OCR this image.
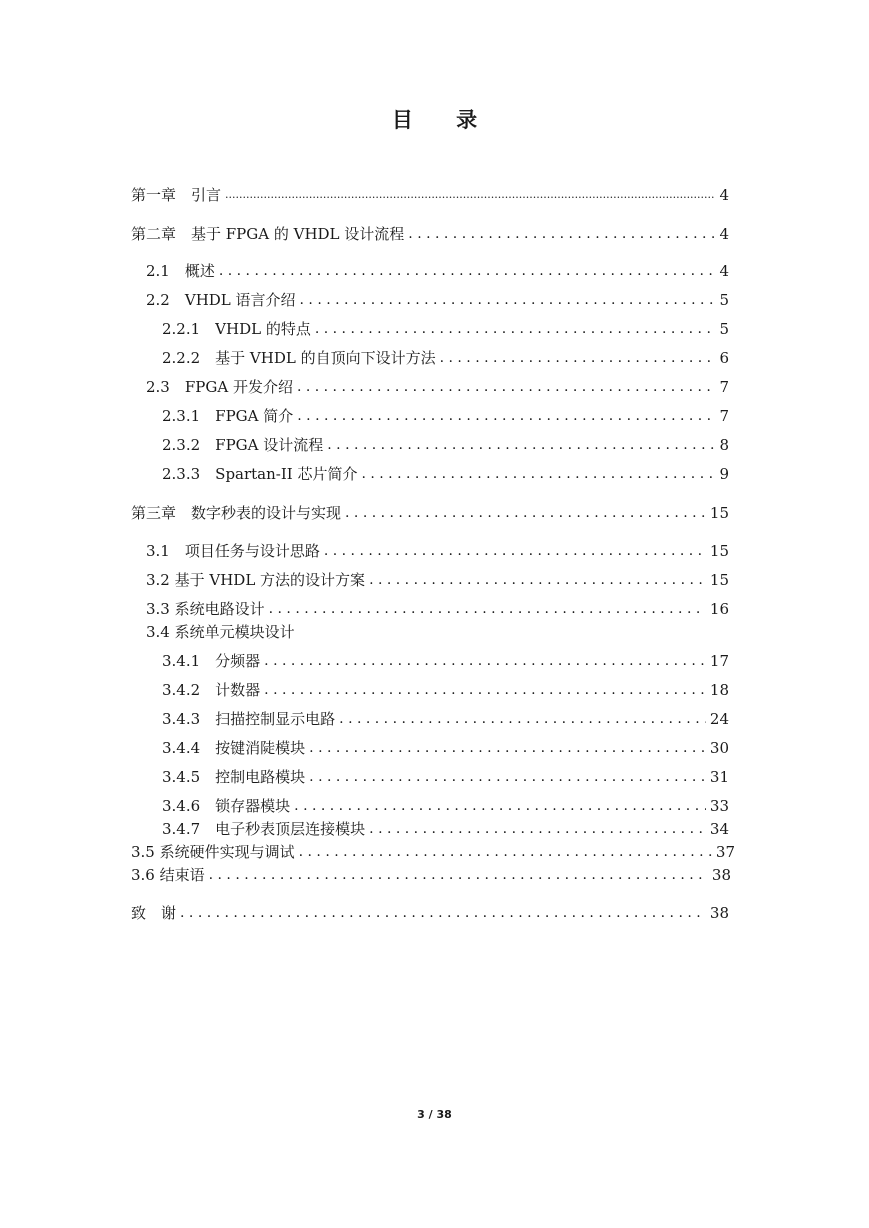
目 录
第一章　引言 .....	4
第二章　基于 FPGA 的 VHDL 设计流程 . . .	4
2.1　概述 . . .	4
2.2　VHDL 语言介绍 . . .	5
2.2.1　VHDL 的特点 . . .	5
2.2.2　基于 VHDL 的自顶向下设计方法 . . .	6
2.3　FPGA 开发介绍 . . .	7
2.3.1　FPGA 简介 . . .	7
2.3.2　FPGA 设计流程 . . .	8
2.3.3　Spartan-II 芯片简介 . . .	9
第三章　数字秒表的设计与实现 . . .	15
3.1　项目任务与设计思路 . . .	15
3.2 基于 VHDL 方法的设计方案 . . .	15
3.3 系统电路设计 . . .	16
3.4 系统单元模块设计
3.4.1　分频器 . . .	17
3.4.2　计数器 . . .	18
3.4.3　扫描控制显示电路 . . .	24
3.4.4　按键消陡模块 . . .	30
3.4.5　控制电路模块 . . .	31
3.4.6　锁存器模块 . . .	33
3.4.7　电子秒表顶层连接模块 . . .	34
3.5 系统硬件实现与调试 . . .	37
3.6 结束语 . . .	38
致　谢 . . .	38
3 / 38
